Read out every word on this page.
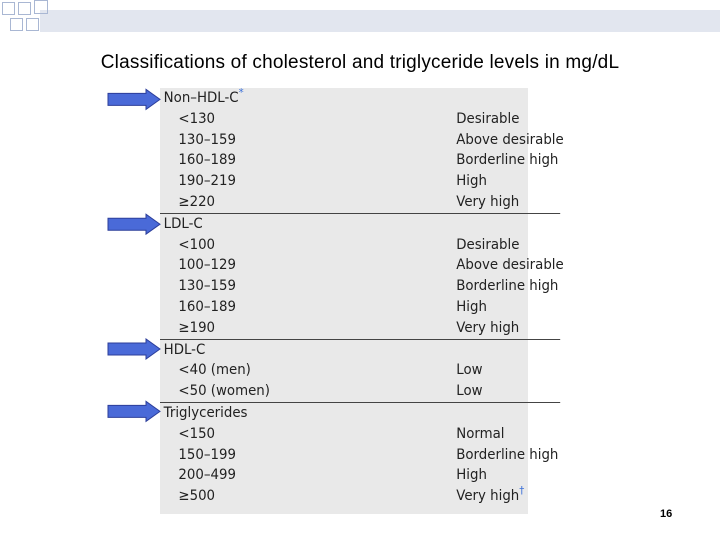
Classifications of cholesterol and triglyceride levels in mg/dL
Non–HDL-C*
<130	Desirable
130–159	Above desirable
160–189	Borderline high
190–219	High
≥220	Very high
LDL-C
<100	Desirable
100–129	Above desirable
130–159	Borderline high
160–189	High
≥190	Very high
HDL-C
<40 (men)	Low
<50 (women)	Low
Triglycerides
<150	Normal
150–199	Borderline high
200–499	High
≥500	Very high†
16
